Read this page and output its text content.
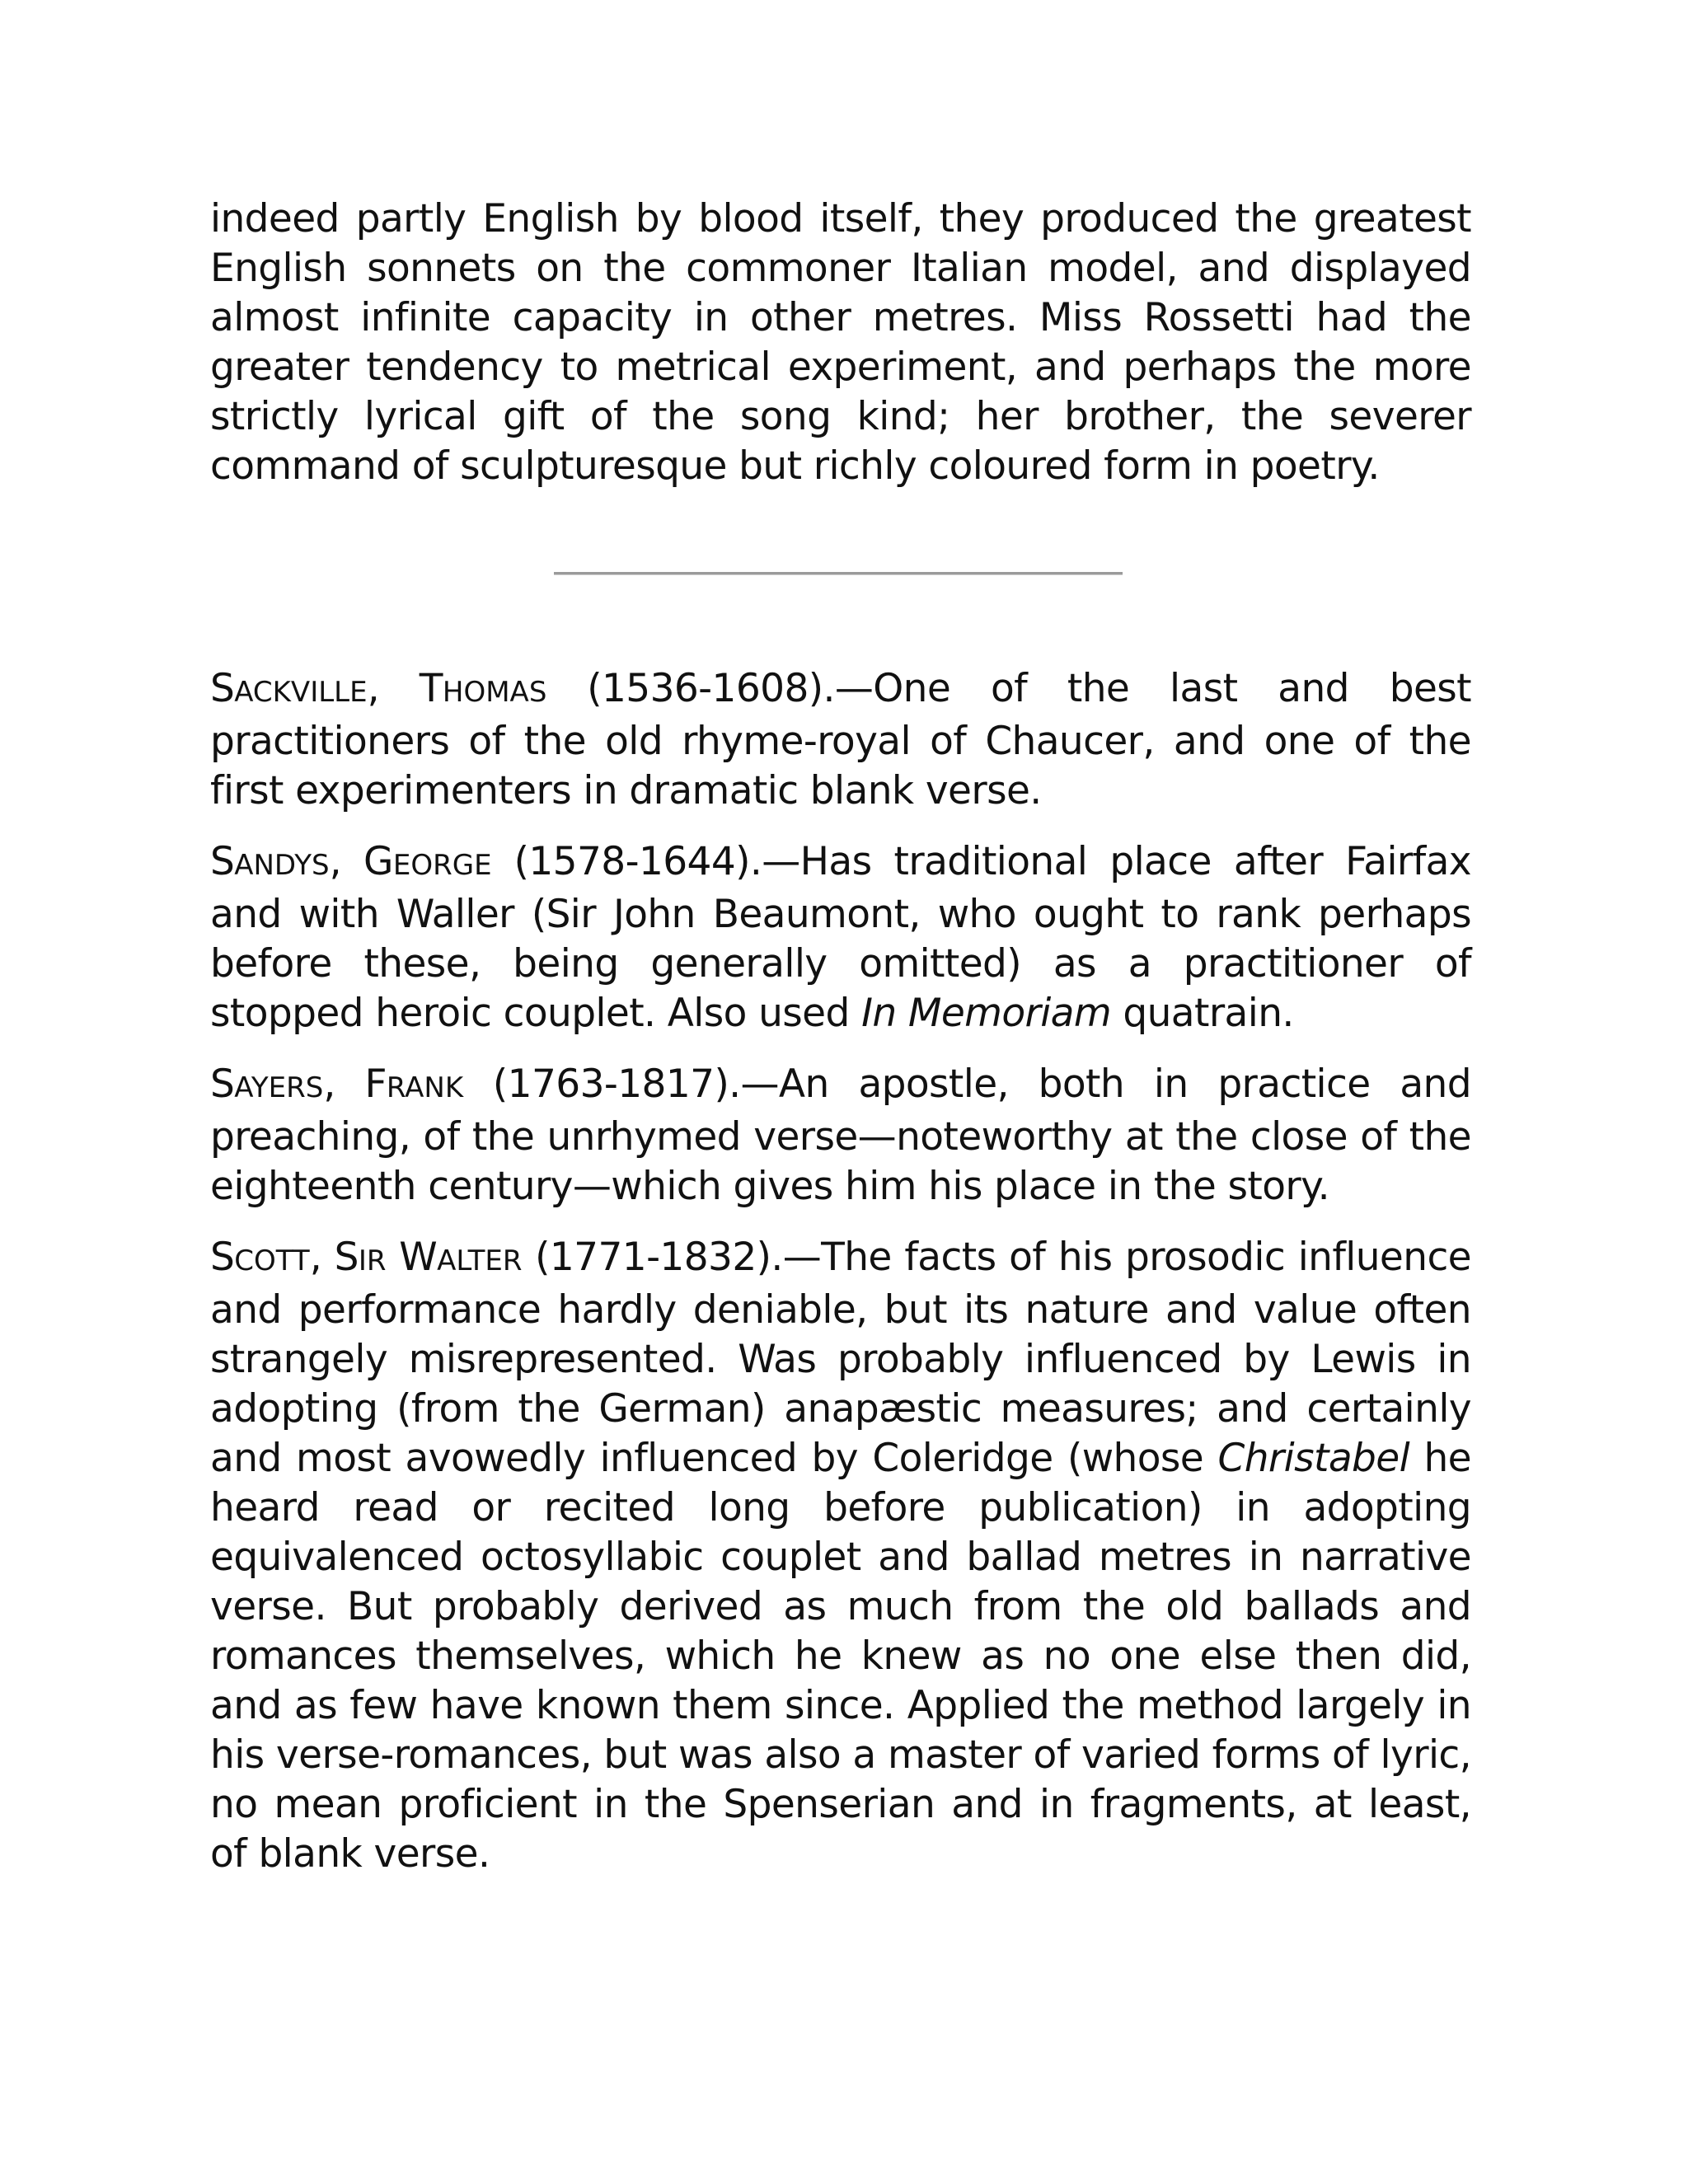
indeed partly English by blood itself, they produced the greatest English sonnets on the commoner Italian model, and displayed almost infinite capacity in other metres. Miss Rossetti had the greater tendency to metrical experiment, and perhaps the more strictly lyrical gift of the song kind; her brother, the severer command of sculpturesque but richly coloured form in poetry.

SACKVILLE, THOMAS (1536-1608).—One of the last and best practitioners of the old rhyme-royal of Chaucer, and one of the first experimenters in dramatic blank verse.

SANDYS, GEORGE (1578-1644).—Has traditional place after Fairfax and with Waller (Sir John Beaumont, who ought to rank perhaps before these, being generally omitted) as a practitioner of stopped heroic couplet. Also used In Memoriam quatrain.

SAYERS, FRANK (1763-1817).—An apostle, both in practice and preaching, of the unrhymed verse—noteworthy at the close of the eighteenth century—which gives him his place in the story.

SCOTT, SIR WALTER (1771-1832).—The facts of his prosodic influence and performance hardly deniable, but its nature and value often strangely misrepresented. Was probably influenced by Lewis in adopting (from the German) anapæstic measures; and certainly and most avowedly influenced by Coleridge (whose Christabel he heard read or recited long before publication) in adopting equivalenced octosyllabic couplet and ballad metres in narrative verse. But probably derived as much from the old ballads and romances themselves, which he knew as no one else then did, and as few have known them since. Applied the method largely in his verse-romances, but was also a master of varied forms of lyric, no mean proficient in the Spenserian and in fragments, at least, of blank verse.
